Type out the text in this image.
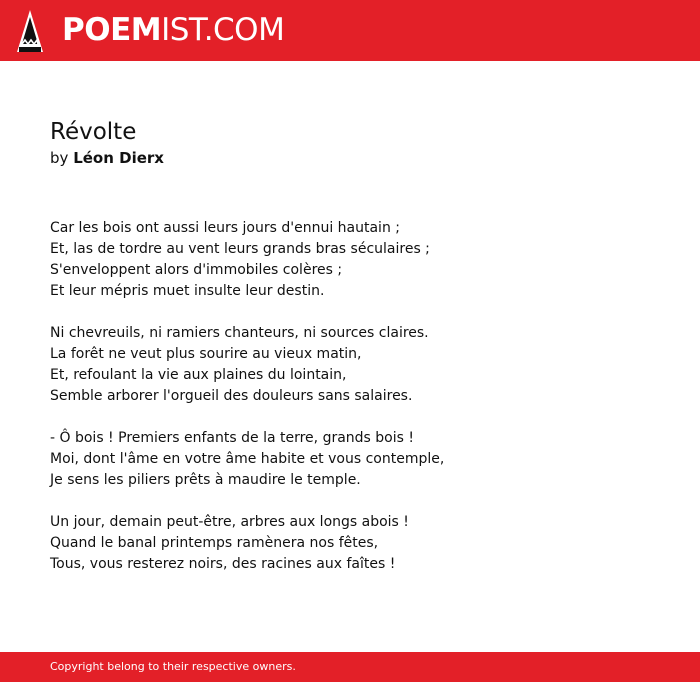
POEMIST.COM
Révolte
by Léon Dierx
Car les bois ont aussi leurs jours d'ennui hautain ;
Et, las de tordre au vent leurs grands bras séculaires ;
S'enveloppent alors d'immobiles colères ;
Et leur mépris muet insulte leur destin.
Ni chevreuils, ni ramiers chanteurs, ni sources claires.
La forêt ne veut plus sourire au vieux matin,
Et, refoulant la vie aux plaines du lointain,
Semble arborer l'orgueil des douleurs sans salaires.
- Ô bois ! Premiers enfants de la terre, grands bois !
Moi, dont l'âme en votre âme habite et vous contemple,
Je sens les piliers prêts à maudire le temple.
Un jour, demain peut-être, arbres aux longs abois !
Quand le banal printemps ramènera nos fêtes,
Tous, vous resterez noirs, des racines aux faîtes !
Copyright belong to their respective owners.
